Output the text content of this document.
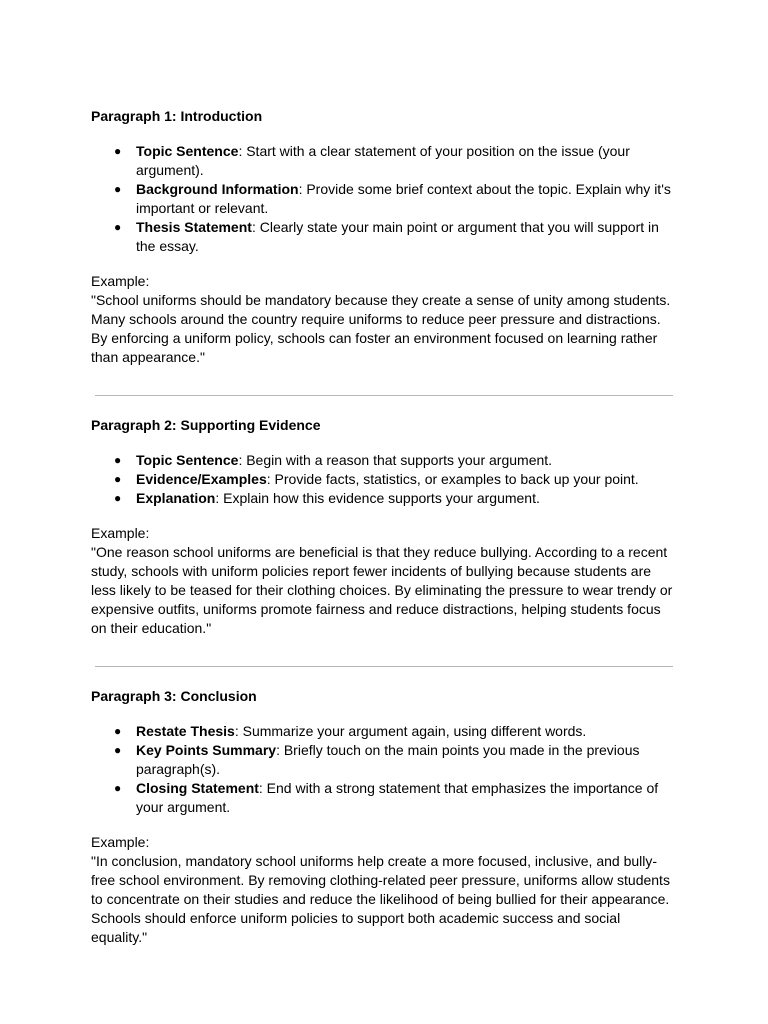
Paragraph 1: Introduction

● Topic Sentence: Start with a clear statement of your position on the issue (your argument).
● Background Information: Provide some brief context about the topic. Explain why it's important or relevant.
● Thesis Statement: Clearly state your main point or argument that you will support in the essay.

Example:

"School uniforms should be mandatory because they create a sense of unity among students. Many schools around the country require uniforms to reduce peer pressure and distractions. By enforcing a uniform policy, schools can foster an environment focused on learning rather than appearance."

Paragraph 2: Supporting Evidence

● Topic Sentence: Begin with a reason that supports your argument.
● Evidence/Examples: Provide facts, statistics, or examples to back up your point.
● Explanation: Explain how this evidence supports your argument.

Example:

"One reason school uniforms are beneficial is that they reduce bullying. According to a recent study, schools with uniform policies report fewer incidents of bullying because students are less likely to be teased for their clothing choices. By eliminating the pressure to wear trendy or expensive outfits, uniforms promote fairness and reduce distractions, helping students focus on their education."

Paragraph 3: Conclusion

● Restate Thesis: Summarize your argument again, using different words.
● Key Points Summary: Briefly touch on the main points you made in the previous paragraph(s).
● Closing Statement: End with a strong statement that emphasizes the importance of your argument.

Example:

"In conclusion, mandatory school uniforms help create a more focused, inclusive, and bully-free school environment. By removing clothing-related peer pressure, uniforms allow students to concentrate on their studies and reduce the likelihood of being bullied for their appearance. Schools should enforce uniform policies to support both academic success and social equality."
